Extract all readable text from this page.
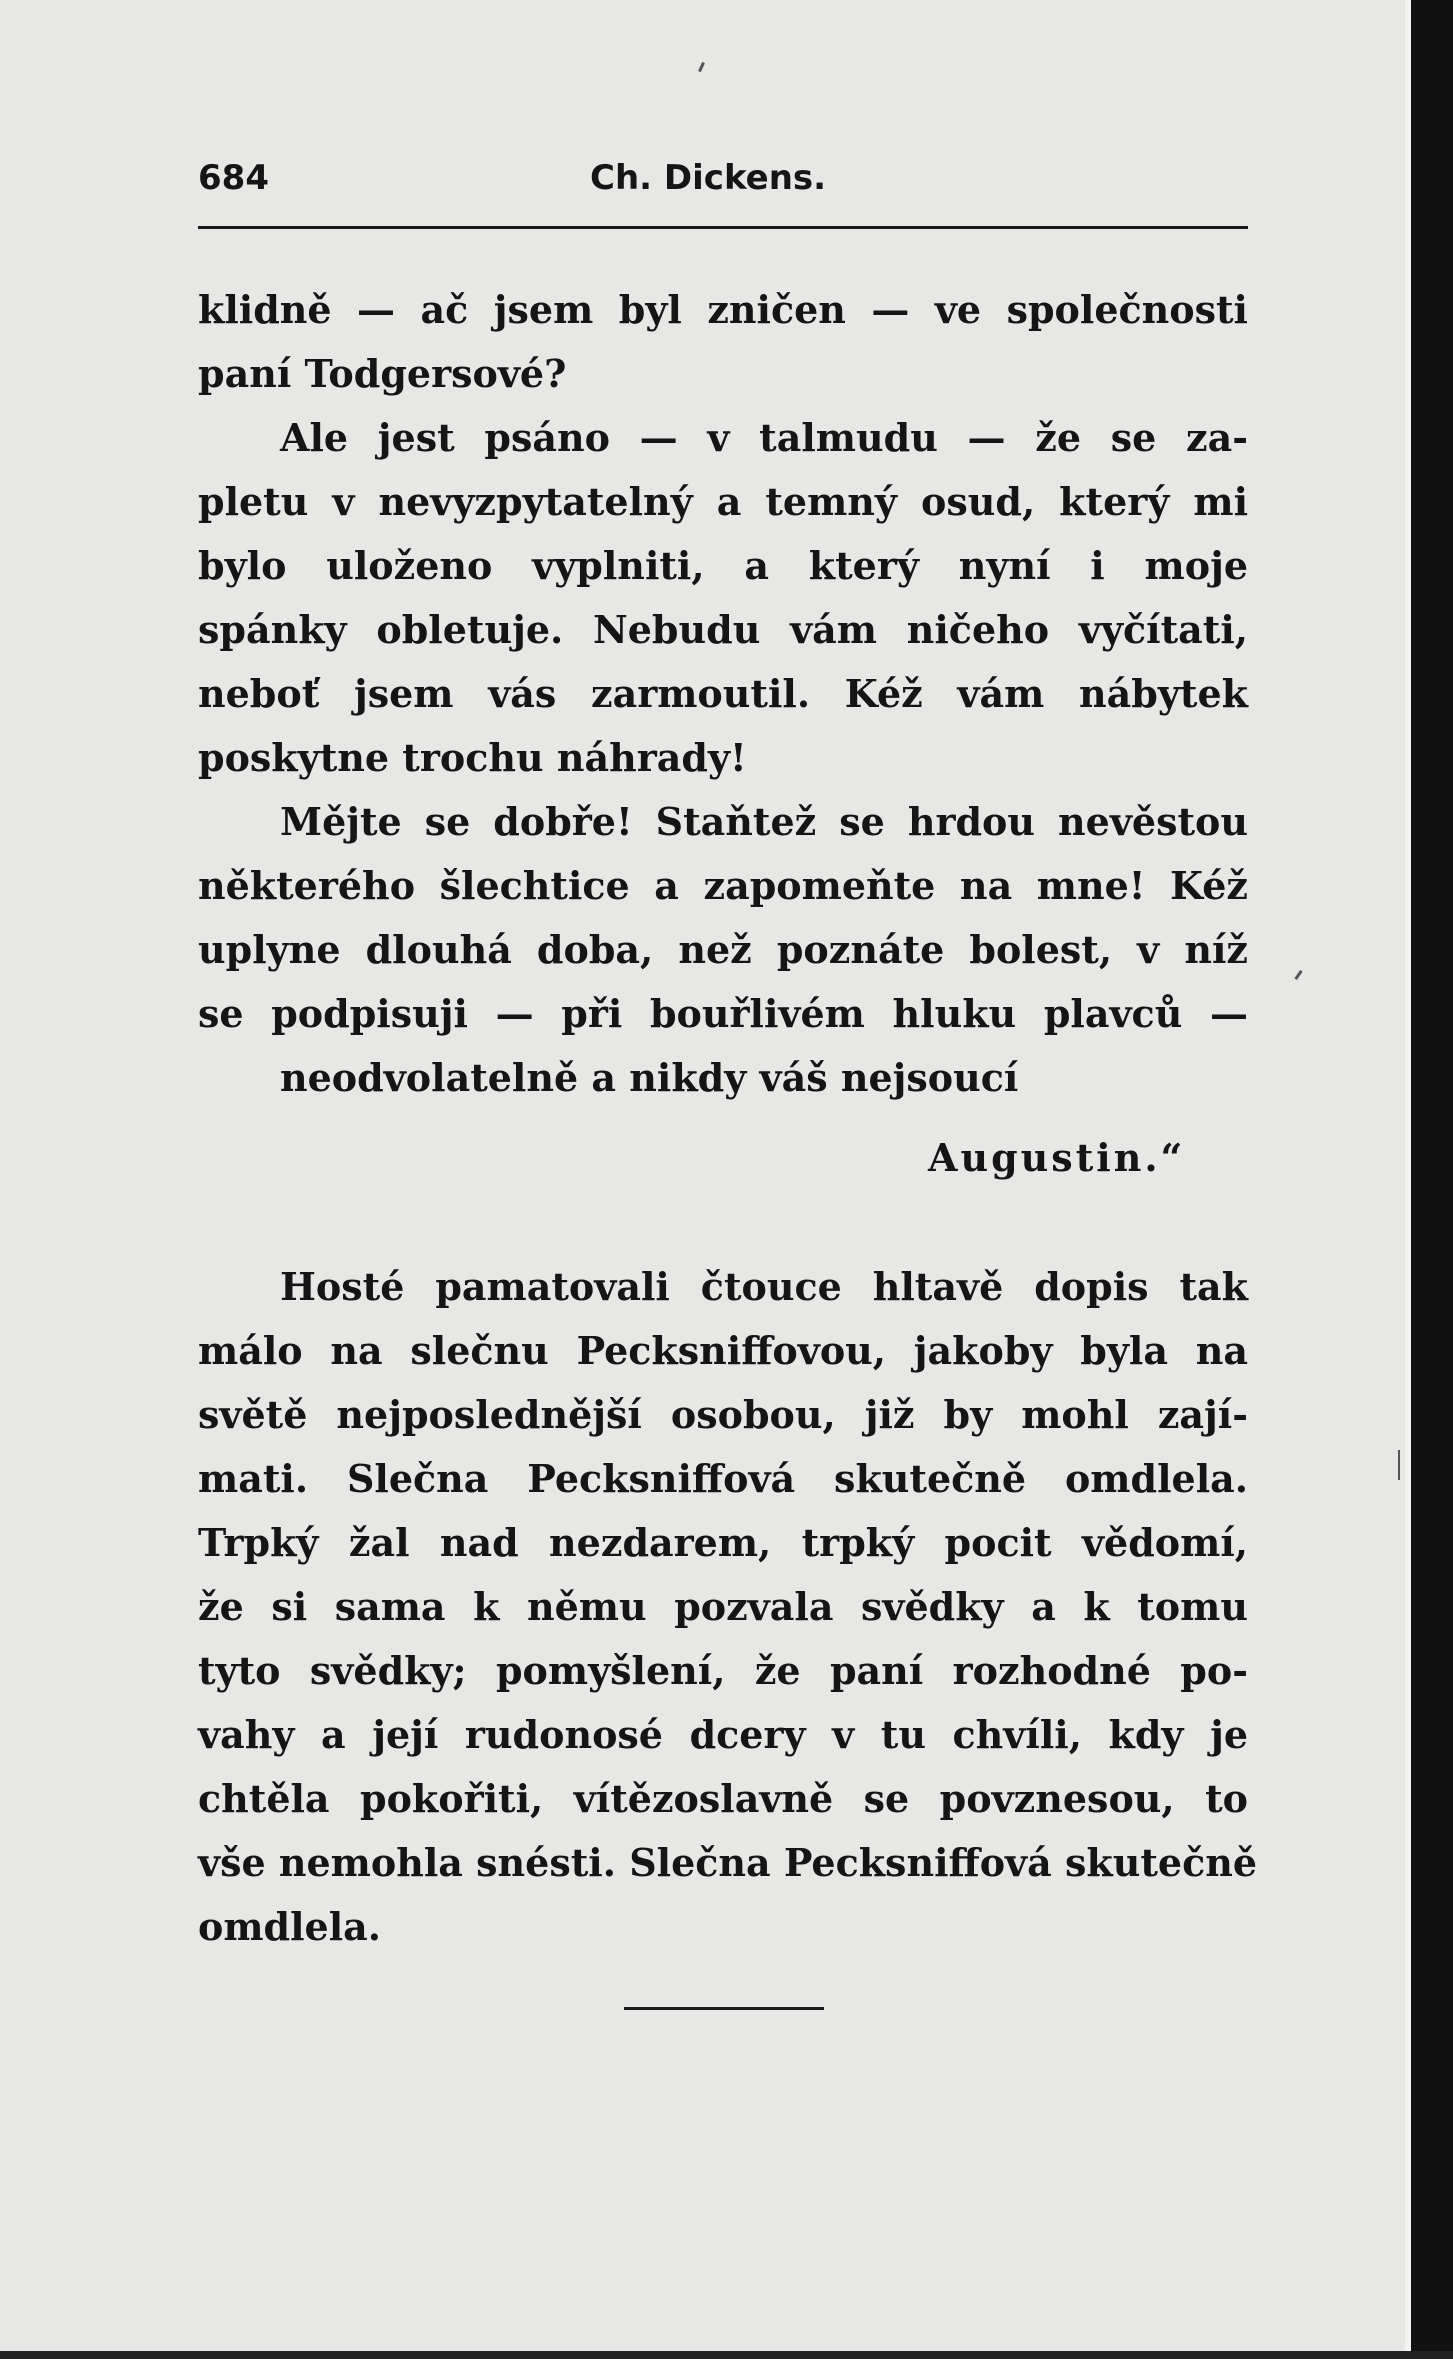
684	Ch. Dickens.
klidně — ač jsem byl zničen — ve společnosti
paní Todgersové?
Ale jest psáno — v talmudu — že se za-
pletu v nevyzpytatelný a temný osud, který mi
bylo uloženo vyplniti, a který nyní i moje
spánky obletuje. Nebudu vám ničeho vyčítati,
neboť jsem vás zarmoutil. Kéž vám nábytek
poskytne trochu náhrady!
Mějte se dobře! Staňtež se hrdou nevěstou
některého šlechtice a zapomeňte na mne! Kéž
uplyne dlouhá doba, než poznáte bolest, v níž
se podpisuji — při bouřlivém hluku plavců —
neodvolatelně a nikdy váš nejsoucí
Augustin.“
Hosté pamatovali čtouce hltavě dopis tak
málo na slečnu Pecksniffovou, jakoby byla na
světě nejposlednější osobou, již by mohl zají-
mati. Slečna Pecksniffová skutečně omdlela.
Trpký žal nad nezdarem, trpký pocit vědomí,
že si sama k němu pozvala svědky a k tomu
tyto svědky; pomyšlení, že paní rozhodné po-
vahy a její rudonosé dcery v tu chvíli, kdy je
chtěla pokořiti, vítězoslavně se povznesou, to
vše nemohla snésti. Slečna Pecksniffová skutečně
omdlela.
